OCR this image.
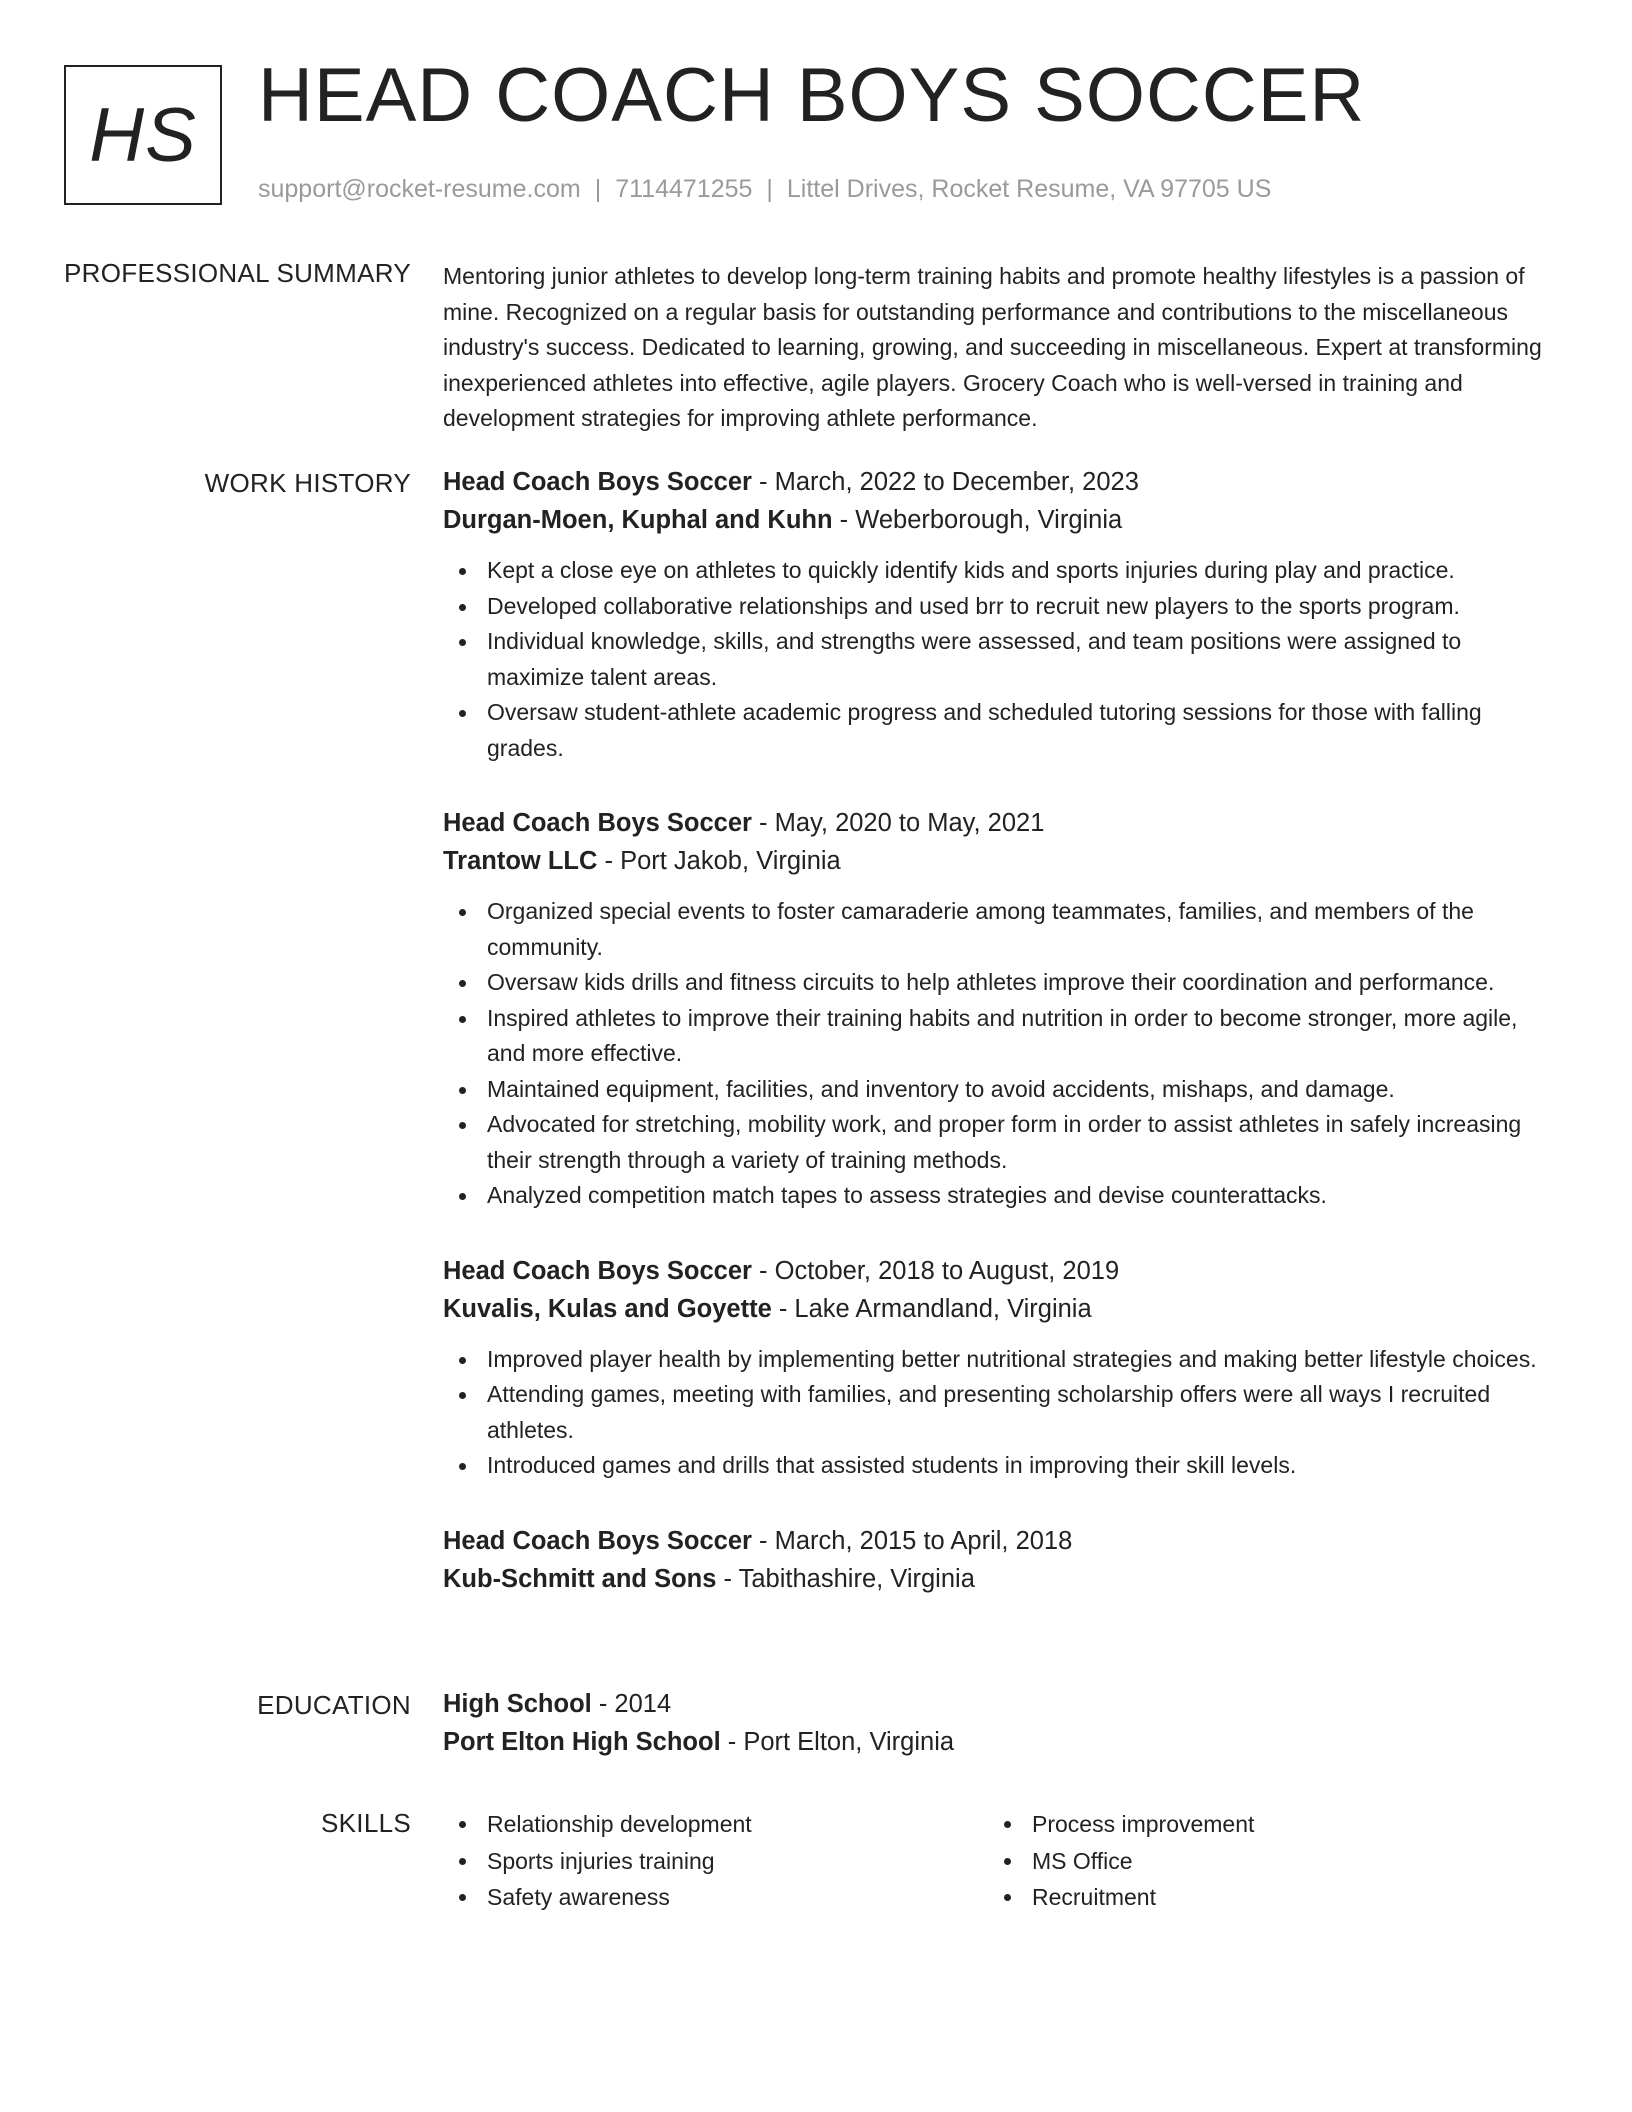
HS HEAD COACH BOYS SOCCER
support@rocket-resume.com | 7114471255 | Littel Drives, Rocket Resume, VA 97705 US
PROFESSIONAL SUMMARY Mentoring junior athletes to develop long-term training habits and promote healthy lifestyles is a passion of mine. Recognized on a regular basis for outstanding performance and contributions to the miscellaneous industry's success. Dedicated to learning, growing, and succeeding in miscellaneous. Expert at transforming inexperienced athletes into effective, agile players. Grocery Coach who is well-versed in training and development strategies for improving athlete performance.

WORK HISTORY Head Coach Boys Soccer - March, 2022 to December, 2023
Durgan-Moen, Kuphal and Kuhn - Weberborough, Virginia
Kept a close eye on athletes to quickly identify kids and sports injuries during play and practice.
Developed collaborative relationships and used brr to recruit new players to the sports program.
Individual knowledge, skills, and strengths were assessed, and team positions were assigned to maximize talent areas.
Oversaw student-athlete academic progress and scheduled tutoring sessions for those with falling grades.
Head Coach Boys Soccer - May, 2020 to May, 2021
Trantow LLC - Port Jakob, Virginia
Organized special events to foster camaraderie among teammates, families, and members of the community.
Oversaw kids drills and fitness circuits to help athletes improve their coordination and performance.
Inspired athletes to improve their training habits and nutrition in order to become stronger, more agile, and more effective.
Maintained equipment, facilities, and inventory to avoid accidents, mishaps, and damage.
Advocated for stretching, mobility work, and proper form in order to assist athletes in safely increasing their strength through a variety of training methods.
Analyzed competition match tapes to assess strategies and devise counterattacks.
Head Coach Boys Soccer - October, 2018 to August, 2019
Kuvalis, Kulas and Goyette - Lake Armandland, Virginia
Improved player health by implementing better nutritional strategies and making better lifestyle choices.
Attending games, meeting with families, and presenting scholarship offers were all ways I recruited athletes.
Introduced games and drills that assisted students in improving their skill levels.
Head Coach Boys Soccer - March, 2015 to April, 2018
Kub-Schmitt and Sons - Tabithashire, Virginia
EDUCATION High School - 2014
Port Elton High School - Port Elton, Virginia
SKILLS	Relationship development
Sports injuries training
Safety awareness
Process improvement
MS Office
Recruitment
